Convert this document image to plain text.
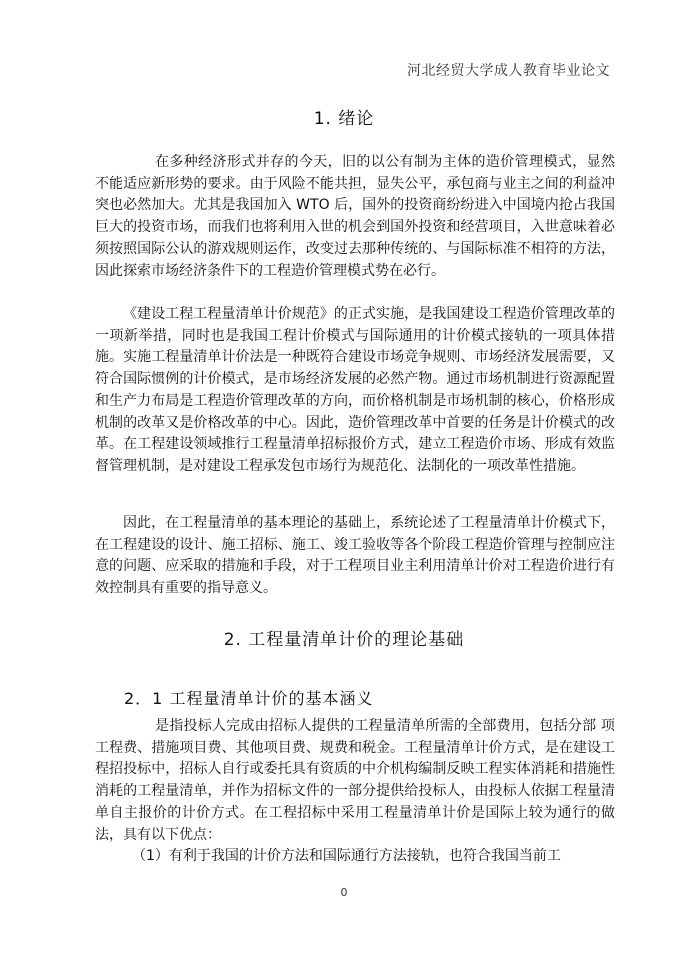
河北经贸大学成人教育毕业论文
1. 绪论

在多种经济形式并存的今天，旧的以公有制为主体的造价管理模式，显然不能适应新形势的要求。由于风险不能共担，显失公平，承包商与业主之间的利益冲突也必然加大。尤其是我国加入 WTO 后，国外的投资商纷纷进入中国境内抢占我国巨大的投资市场，而我们也将利用入世的机会到国外投资和经营项目，入世意味着必须按照国际公认的游戏规则运作，改变过去那种传统的、与国际标准不相符的方法，因此探索市场经济条件下的工程造价管理模式势在必行。

《建设工程工程量清单计价规范》的正式实施，是我国建设工程造价管理改革的一项新举措，同时也是我国工程计价模式与国际通用的计价模式接轨的一项具体措施。实施工程量清单计价法是一种既符合建设市场竞争规则、市场经济发展需要，又符合国际惯例的计价模式，是市场经济发展的必然产物。通过市场机制进行资源配置和生产力布局是工程造价管理改革的方向，而价格机制是市场机制的核心，价格形成机制的改革又是价格改革的中心。因此，造价管理改革中首要的任务是计价模式的改革。在工程建设领域推行工程量清单招标报价方式，建立工程造价市场、形成有效监督管理机制，是对建设工程承发包市场行为规范化、法制化的一项改革性措施。

因此，在工程量清单的基本理论的基础上，系统论述了工程量清单计价模式下，在工程建设的设计、施工招标、施工、竣工验收等各个阶段工程造价管理与控制应注意的问题、应采取的措施和手段，对于工程项目业主利用清单计价对工程造价进行有效控制具有重要的指导意义。

2. 工程量清单计价的理论基础
2．1 工程量清单计价的基本涵义

是指投标人完成由招标人提供的工程量清单所需的全部费用，包括分部 项工程费、措施项目费、其他项目费、规费和税金。工程量清单计价方式，是在建设工程招投标中，招标人自行或委托具有资质的中介机构编制反映工程实体消耗和措施性消耗的工程量清单，并作为招标文件的一部分提供给投标人，由投标人依据工程量清单自主报价的计价方式。在工程招标中采用工程量清单计价是国际上较为通行的做法，具有以下优点：

（1）有利于我国的计价方法和国际通行方法接轨，也符合我国当前工

0
